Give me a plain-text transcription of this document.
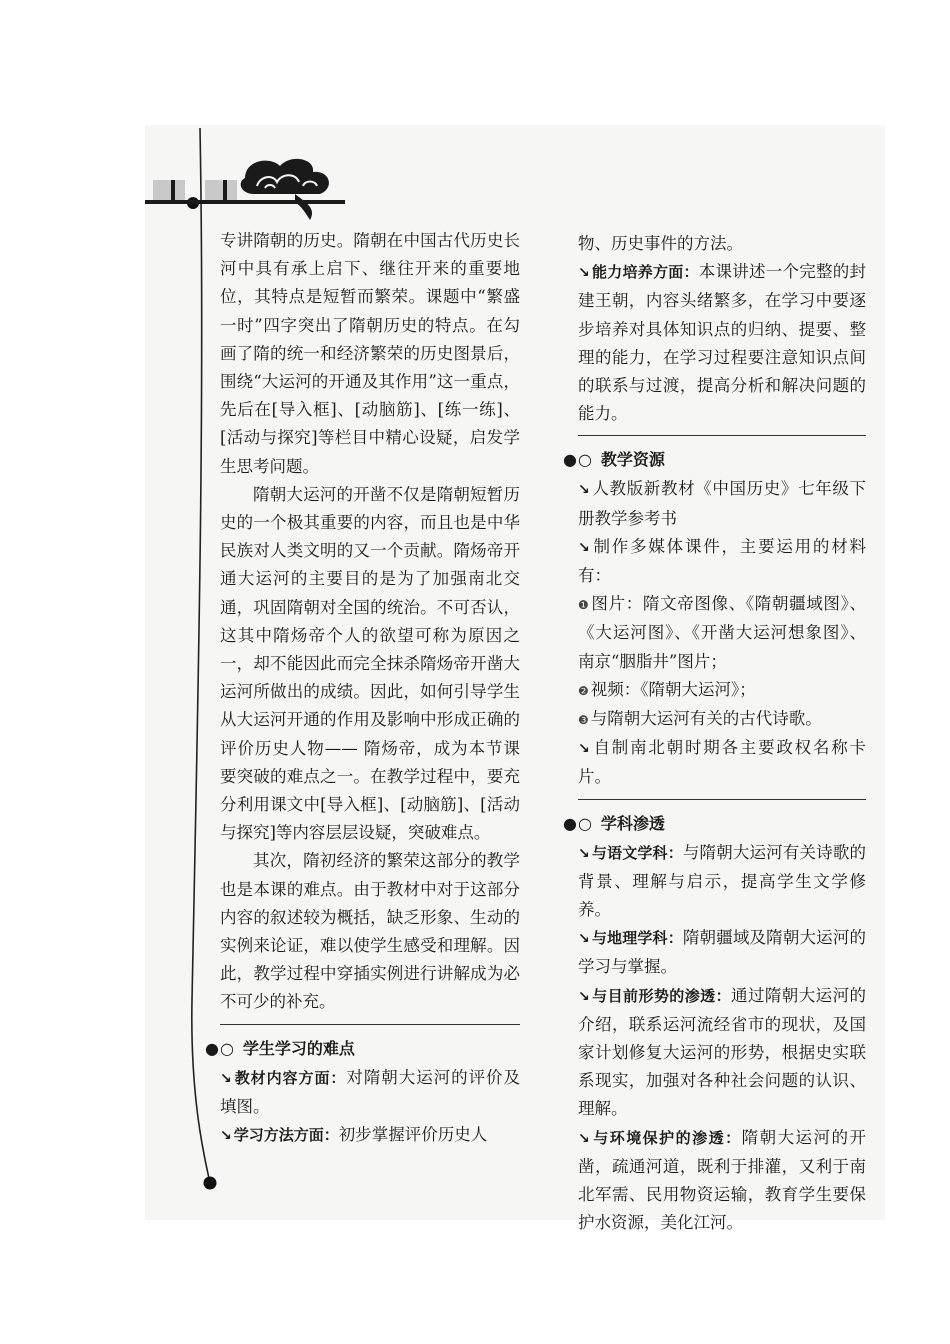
专讲隋朝的历史。隋朝在中国古代历史长河中具有承上启下、继往开来的重要地位，其特点是短暂而繁荣。课题中“繁盛一时”四字突出了隋朝历史的特点。在勾画了隋的统一和经济繁荣的历史图景后，围绕“大运河的开通及其作用”这一重点，先后在[导入框]、[动脑筋]、[练一练]、[活动与探究]等栏目中精心设疑，启发学生思考问题。

隋朝大运河的开凿不仅是隋朝短暂历史的一个极其重要的内容，而且也是中华民族对人类文明的又一个贡献。隋炀帝开通大运河的主要目的是为了加强南北交通，巩固隋朝对全国的统治。不可否认，这其中隋炀帝个人的欲望可称为原因之一，却不能因此而完全抹杀隋炀帝开凿大运河所做出的成绩。因此，如何引导学生从大运河开通的作用及影响中形成正确的评价历史人物—— 隋炀帝，成为本节课要突破的难点之一。在教学过程中，要充分利用课文中[导入框]、[动脑筋]、[活动与探究]等内容层层设疑，突破难点。

其次，隋初经济的繁荣这部分的教学也是本课的难点。由于教材中对于这部分内容的叙述较为概括，缺乏形象、生动的实例来论证，难以使学生感受和理解。因此，教学过程中穿插实例进行讲解成为必不可少的补充。

●○ 学生学习的难点

↘ 教材内容方面：对隋朝大运河的评价及填图。

↘ 学习方法方面：初步掌握评价历史人

物、历史事件的方法。

↘ 能力培养方面：本课讲述一个完整的封建王朝，内容头绪繁多，在学习中要逐步培养对具体知识点的归纳、提要、整理的能力，在学习过程要注意知识点间的联系与过渡，提高分析和解决问题的能力。

●○ 教学资源

↘ 人教版新教材《中国历史》七年级下册教学参考书

↘ 制作多媒体课件，主要运用的材料有：

❶ 图片：隋文帝图像、《隋朝疆域图》、《大运河图》、《开凿大运河想象图》、南京“胭脂井”图片；

❷ 视频：《隋朝大运河》；

❸ 与隋朝大运河有关的古代诗歌。

↘ 自制南北朝时期各主要政权名称卡片。

●○ 学科渗透

↘ 与语文学科：与隋朝大运河有关诗歌的背景、理解与启示，提高学生文学修养。

↘ 与地理学科：隋朝疆域及隋朝大运河的学习与掌握。

↘ 与目前形势的渗透：通过隋朝大运河的介绍，联系运河流经省市的现状，及国家计划修复大运河的形势，根据史实联系现实，加强对各种社会问题的认识、理解。

↘ 与环境保护的渗透：隋朝大运河的开凿，疏通河道，既利于排灌，又利于南北军需、民用物资运输，教育学生要保护水资源，美化江河。
